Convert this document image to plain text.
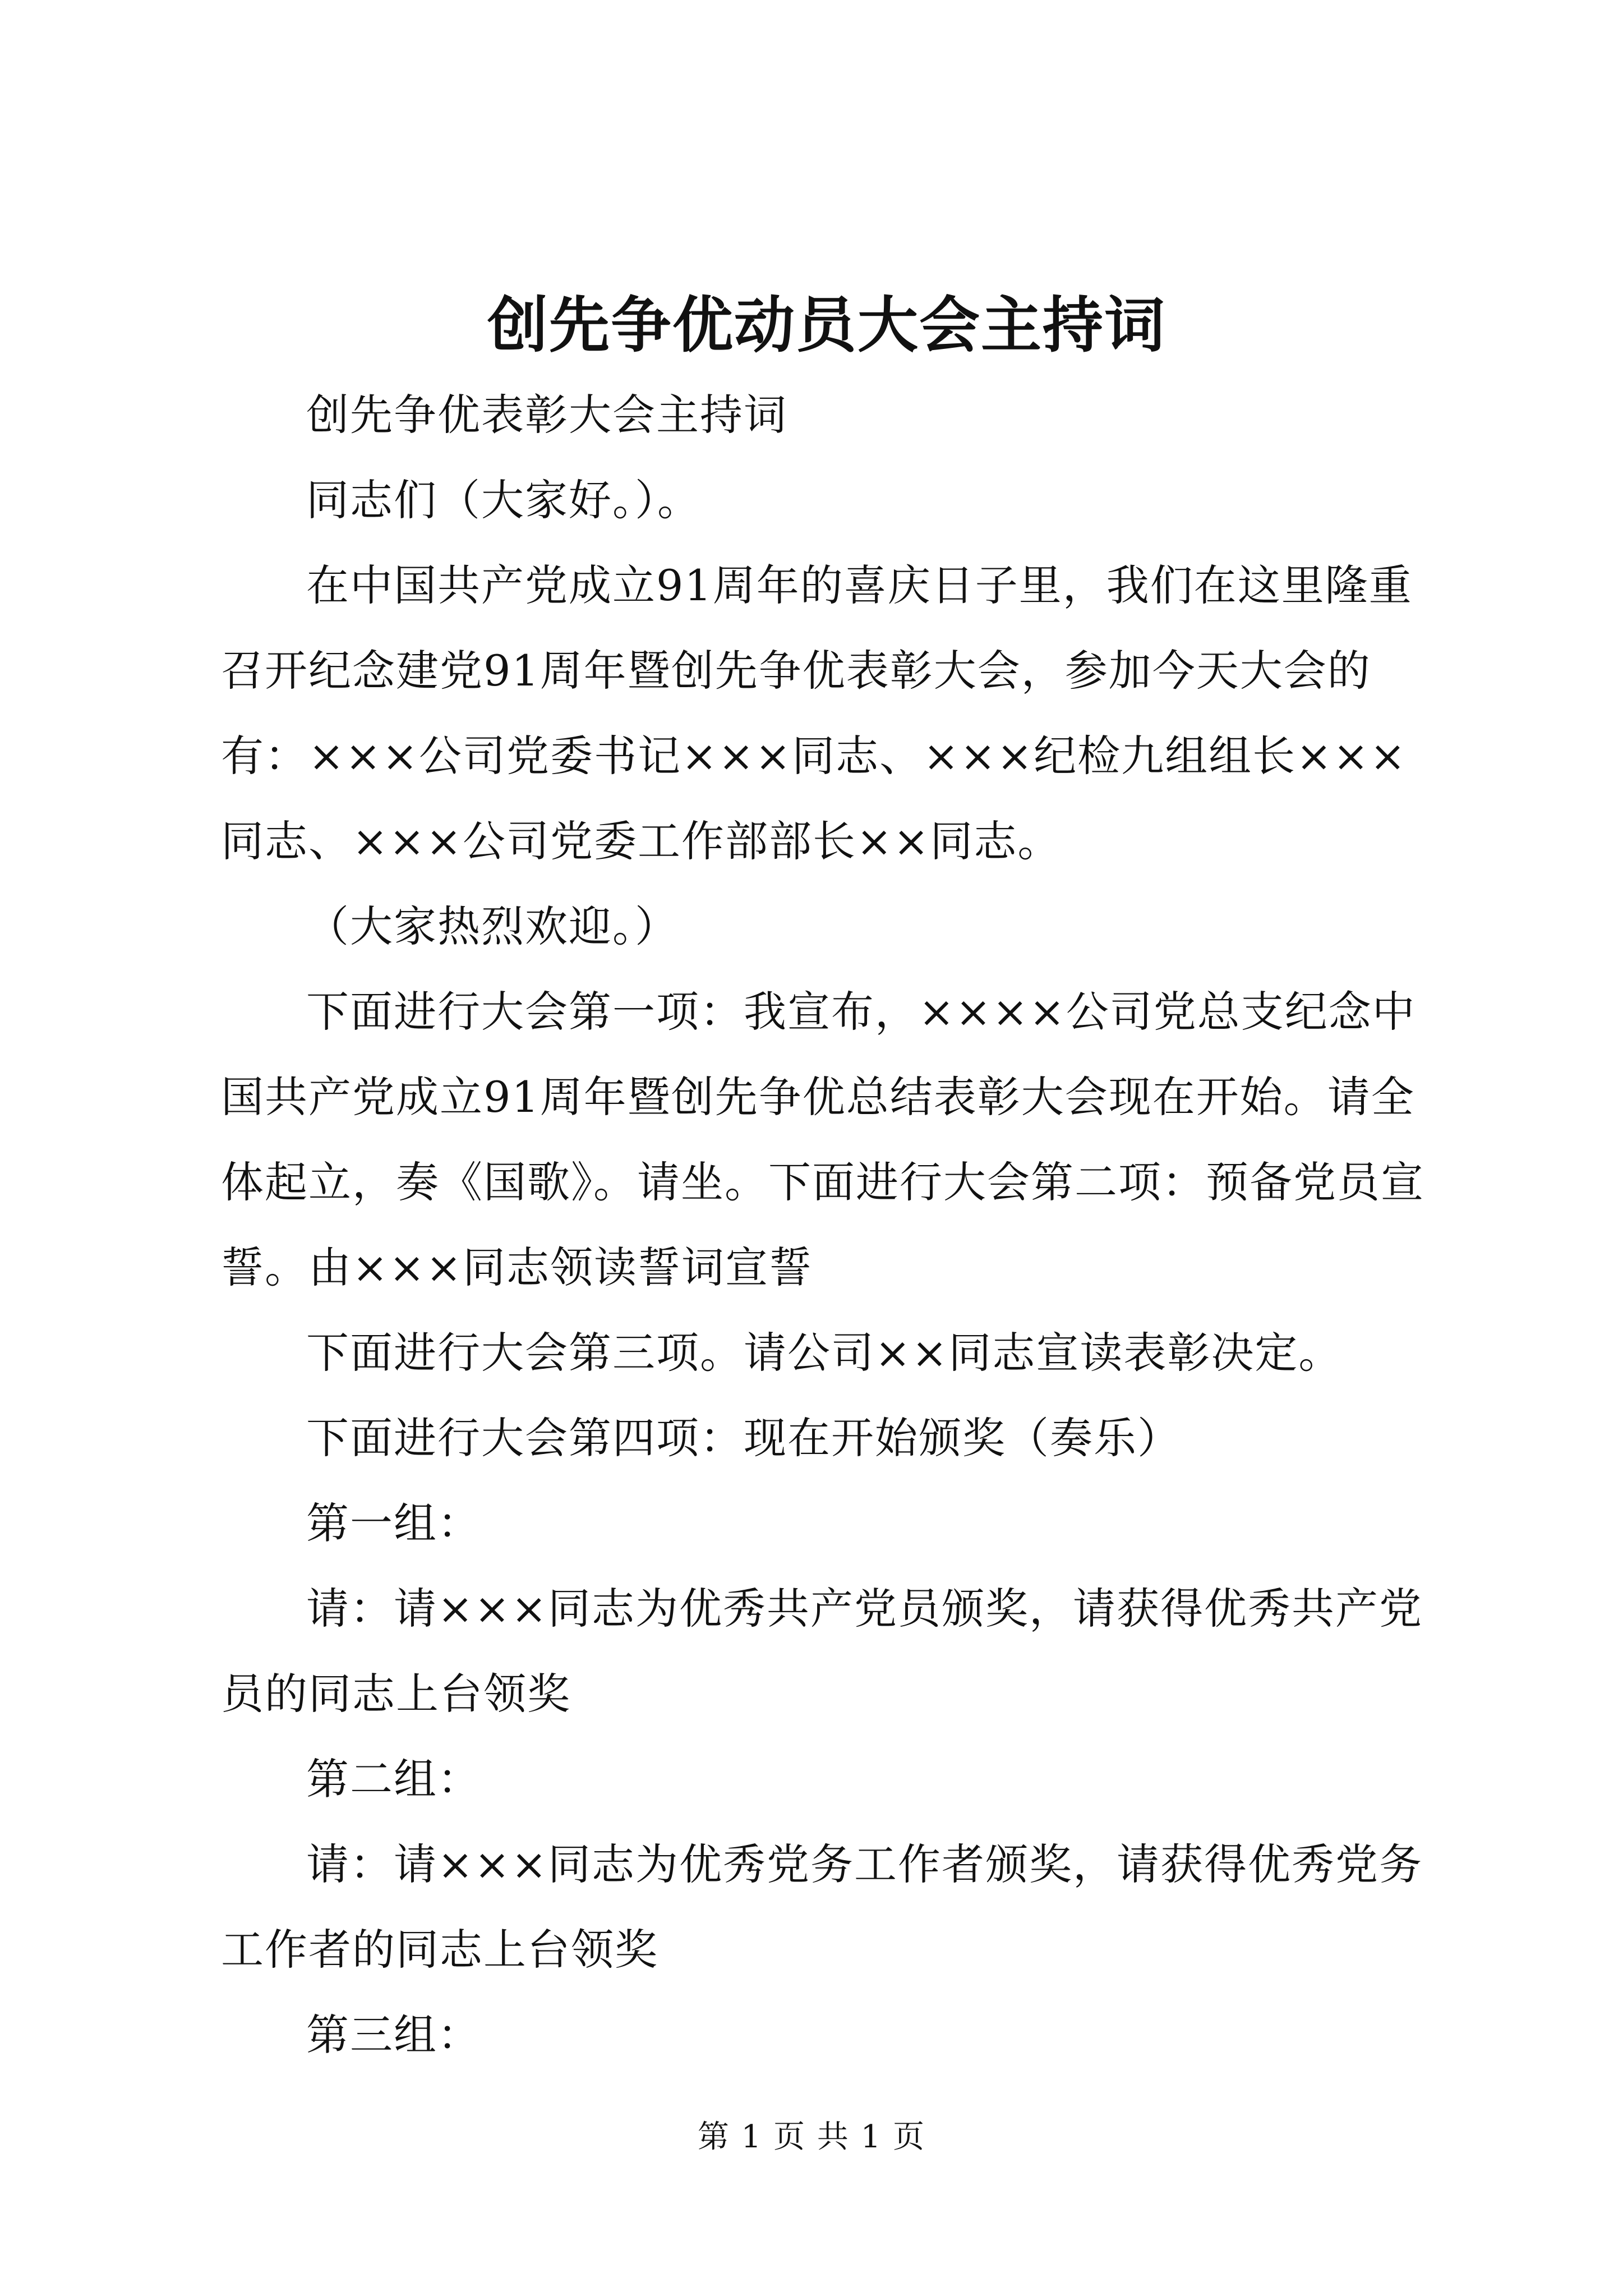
创先争优动员大会主持词

创先争优表彰大会主持词

同志们（大家好。）。

在中国共产党成立91周年的喜庆日子里，我们在这里隆重召开纪念建党91周年暨创先争优表彰大会，参加今天大会的有：×××公司党委书记×××同志、×××纪检九组组长×××同志、×××公司党委工作部部长××同志。

（大家热烈欢迎。）

下面进行大会第一项：我宣布，××××公司党总支纪念中国共产党成立91周年暨创先争优总结表彰大会现在开始。请全体起立，奏《国歌》。请坐。下面进行大会第二项：预备党员宣誓。由×××同志领读誓词宣誓

下面进行大会第三项。请公司××同志宣读表彰决定。

下面进行大会第四项：现在开始颁奖（奏乐）

第一组：

请：请×××同志为优秀共产党员颁奖，请获得优秀共产党员的同志上台领奖

第二组：

请：请×××同志为优秀党务工作者颁奖，请获得优秀党务工作者的同志上台领奖

第三组：

第 1 页 共 1 页
